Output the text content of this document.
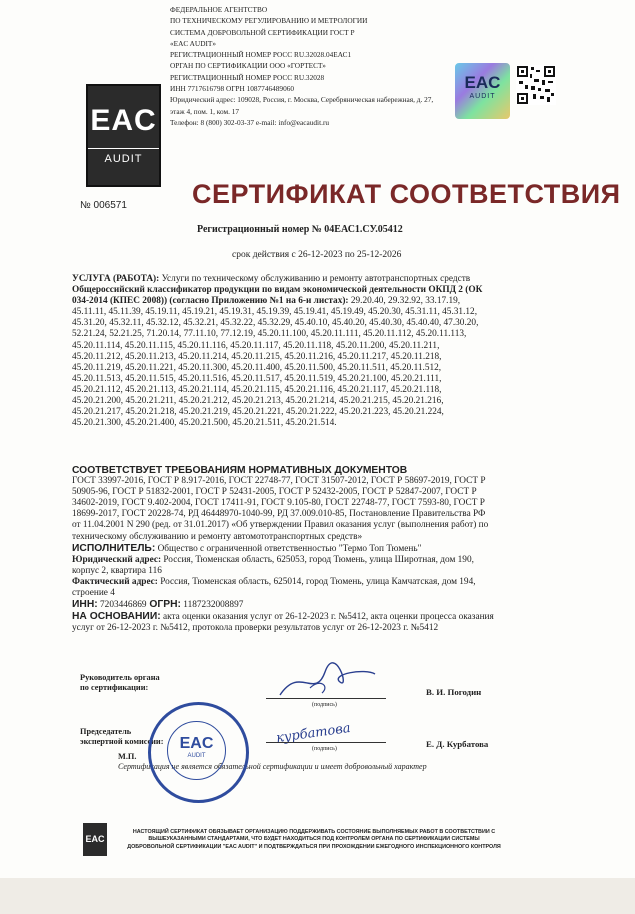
ФЕДЕРАЛЬНОЕ АГЕНТСТВО
ПО ТЕХНИЧЕСКОМУ РЕГУЛИРОВАНИЮ И МЕТРОЛОГИИ
СИСТЕМА ДОБРОВОЛЬНОЙ СЕРТИФИКАЦИИ ГОСТ Р
«EAC AUDIT»
РЕГИСТРАЦИОННЫЙ НОМЕР РОСС RU.32028.04ЕАС1
ОРГАН ПО СЕРТИФИКАЦИИ ООО «ГОРТЕСТ»
РЕГИСТРАЦИОННЫЙ НОМЕР РОСС RU.32028
ИНН 7717616798 ОГРН 1087746489060
Юридический адрес: 109028, Россия, г. Москва, Серебряническая набережная, д. 27,
этаж 4, пом. 1, ком. 17
Телефон: 8 (800) 302-03-37 e-mail: info@eacaudit.ru
EAC
AUDIT
EAC
AUDIT
№ 006571 СЕРТИФИКАТ СООТВЕТСТВИЯ
Регистрационный номер № 04ЕАС1.СУ.05412
срок действия с 26-12-2023 по 25-12-2026
УСЛУГА (РАБОТА): Услуги по техническому обслуживанию и ремонту автотранспортных средств
Общероссийский классификатор продукции по видам экономической деятельности ОКПД 2 (ОК
034-2014 (КПЕС 2008)) (согласно Приложению №1 на 6-и листах): 29.20.40, 29.32.92, 33.17.19,
45.11.11, 45.11.39, 45.19.11, 45.19.21, 45.19.31, 45.19.39, 45.19.41, 45.19.49, 45.20.30, 45.31.11, 45.31.12,
45.31.20, 45.32.11, 45.32.12, 45.32.21, 45.32.22, 45.32.29, 45.40.10, 45.40.20, 45.40.30, 45.40.40, 47.30.20,
52.21.24, 52.21.25, 71.20.14, 77.11.10, 77.12.19, 45.20.11.100, 45.20.11.111, 45.20.11.112, 45.20.11.113,
45.20.11.114, 45.20.11.115, 45.20.11.116, 45.20.11.117, 45.20.11.118, 45.20.11.200, 45.20.11.211,
45.20.11.212, 45.20.11.213, 45.20.11.214, 45.20.11.215, 45.20.11.216, 45.20.11.217, 45.20.11.218,
45.20.11.219, 45.20.11.221, 45.20.11.300, 45.20.11.400, 45.20.11.500, 45.20.11.511, 45.20.11.512,
45.20.11.513, 45.20.11.515, 45.20.11.516, 45.20.11.517, 45.20.11.519, 45.20.21.100, 45.20.21.111,
45.20.21.112, 45.20.21.113, 45.20.21.114, 45.20.21.115, 45.20.21.116, 45.20.21.117, 45.20.21.118,
45.20.21.200, 45.20.21.211, 45.20.21.212, 45.20.21.213, 45.20.21.214, 45.20.21.215, 45.20.21.216,
45.20.21.217, 45.20.21.218, 45.20.21.219, 45.20.21.221, 45.20.21.222, 45.20.21.223, 45.20.21.224,
45.20.21.300, 45.20.21.400, 45.20.21.500, 45.20.21.511, 45.20.21.514.
СООТВЕТСТВУЕТ ТРЕБОВАНИЯМ НОРМАТИВНЫХ ДОКУМЕНТОВ
ГОСТ 33997-2016, ГОСТ Р 8.917-2016, ГОСТ 22748-77, ГОСТ 31507-2012, ГОСТ Р 58697-2019, ГОСТ Р
50905-96, ГОСТ Р 51832-2001, ГОСТ Р 52431-2005, ГОСТ Р 52432-2005, ГОСТ Р 52847-2007, ГОСТ Р
34602-2019, ГОСТ 9.402-2004, ГОСТ 17411-91, ГОСТ 9.105-80, ГОСТ 22748-77, ГОСТ 7593-80, ГОСТ Р
18699-2017, ГОСТ 20228-74, РД 46448970-1040-99, РД 37.009.010-85, Постановление Правительства РФ
от 11.04.2001 N 290 (ред. от 31.01.2017) «Об утверждении Правил оказания услуг (выполнения работ) по
техническому обслуживанию и ремонту автомототранспортных средств»
ИСПОЛНИТЕЛЬ: Общество с ограниченной ответственностью "Термо Топ Тюмень"
Юридический адрес: Россия, Тюменская область, 625053, город Тюмень, улица Широтная, дом 190,
корпус 2, квартира 116
Фактический адрес: Россия, Тюменская область, 625014, город Тюмень, улица Камчатская, дом 194,
строение 4
ИНН: 7203446869 ОГРН: 1187232008897
НА ОСНОВАНИИ: акта оценки оказания услуг от 26-12-2023 г. №5412, акта оценки процесса оказания
услуг от 26-12-2023 г. №5412, протокола проверки результатов услуг от 26-12-2023 г. №5412
Руководитель органа
по сертификации:
(подпись)
В. И. Погодин
Председатель
экспертной комиссии:	курбатова
(подпись)	Е. Д. Курбатова
М.П.
Сертификация не является обязательной сертификации и имеет добровольный характер
EAC
AUDIT
EAC
НАСТОЯЩИЙ СЕРТИФИКАТ ОБЯЗЫВАЕТ ОРГАНИЗАЦИЮ ПОДДЕРЖИВАТЬ СОСТОЯНИЕ ВЫПОЛНЯЕМЫХ РАБОТ В СООТВЕТСТВИИ С
ВЫШЕУКАЗАННЫМИ СТАНДАРТАМИ, ЧТО БУДЕТ НАХОДИТЬСЯ ПОД КОНТРОЛЕМ ОРГАНА ПО СЕРТИФИКАЦИИ СИСТЕМЫ
ДОБРОВОЛЬНОЙ СЕРТИФИКАЦИИ "EAC AUDIT" И ПОДТВЕРЖДАТЬСЯ ПРИ ПРОХОЖДЕНИИ ЕЖЕГОДНОГО ИНСПЕКЦИОННОГО КОНТРОЛЯ
